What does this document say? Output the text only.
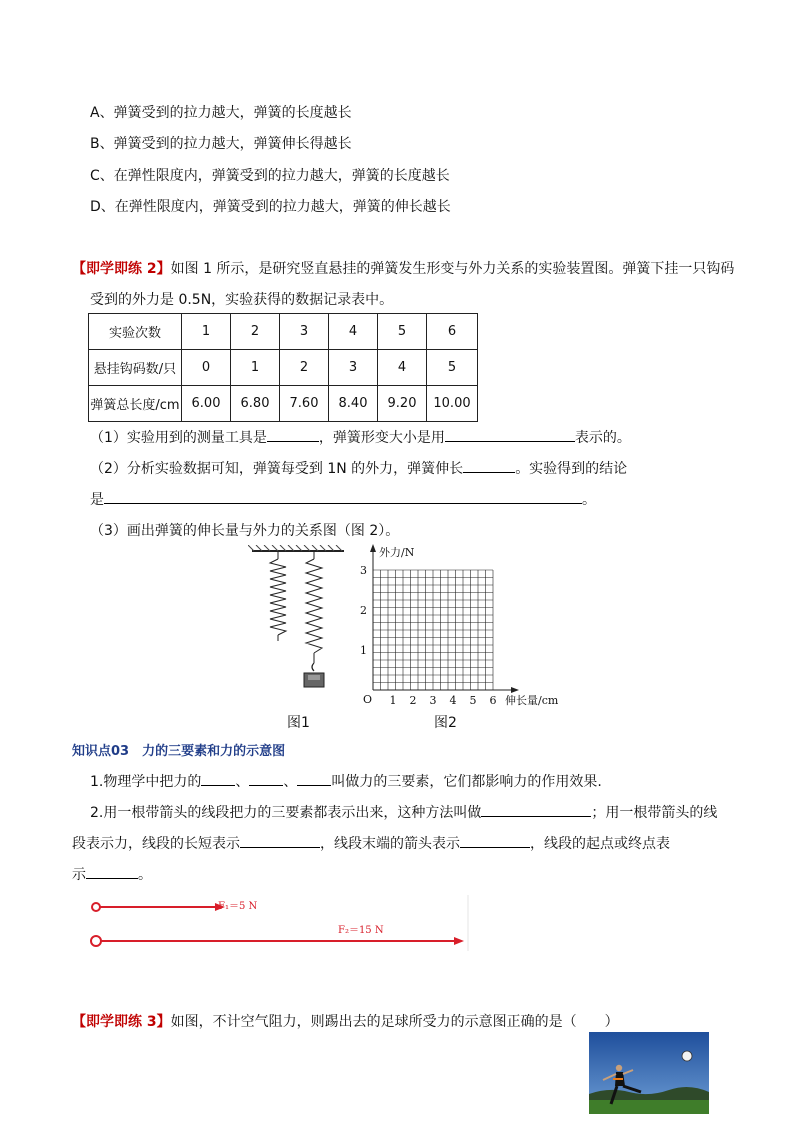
A、弹簧受到的拉力越大，弹簧的长度越长
B、弹簧受到的拉力越大，弹簧伸长得越长
C、在弹性限度内，弹簧受到的拉力越大，弹簧的长度越长
D、在弹性限度内，弹簧受到的拉力越大，弹簧的伸长越长
【即学即练 2】如图 1 所示，是研究竖直悬挂的弹簧发生形变与外力关系的实验装置图。弹簧下挂一只钩码
受到的外力是 0.5N，实验获得的数据记录表中。
实验次数	1	2	3	4	5	6
悬挂钩码数/只	0	1	2	3	4	5
弹簧总长度/cm	6.00	6.80	7.60	8.40	9.20	10.00
（1）实验用到的测量工具是	，弹簧形变大小是用	表示的。
（2）分析实验数据可知，弹簧每受到 1N 的外力，弹簧伸长	。实验得到的结论
是	。
（3）画出弹簧的伸长量与外力的关系图（图 2）。
图1
外力/N
伸长量/cm
O
1
2
3
1 2 3 4 5 6
图2
知识点03　力的三要素和力的示意图
1.物理学中把力的 、 、 叫做力的三要素，它们都影响力的作用效果.
2.用一根带箭头的线段把力的三要素都表示出来，这种方法叫做	；用一根带箭头的线
段表示力，线段的长短表示	，线段末端的箭头表示	，线段的起点或终点表
示	。
F₁＝5 N
F₂＝15 N
【即学即练 3】如图，不计空气阻力，则踢出去的足球所受力的示意图正确的是（　　）
